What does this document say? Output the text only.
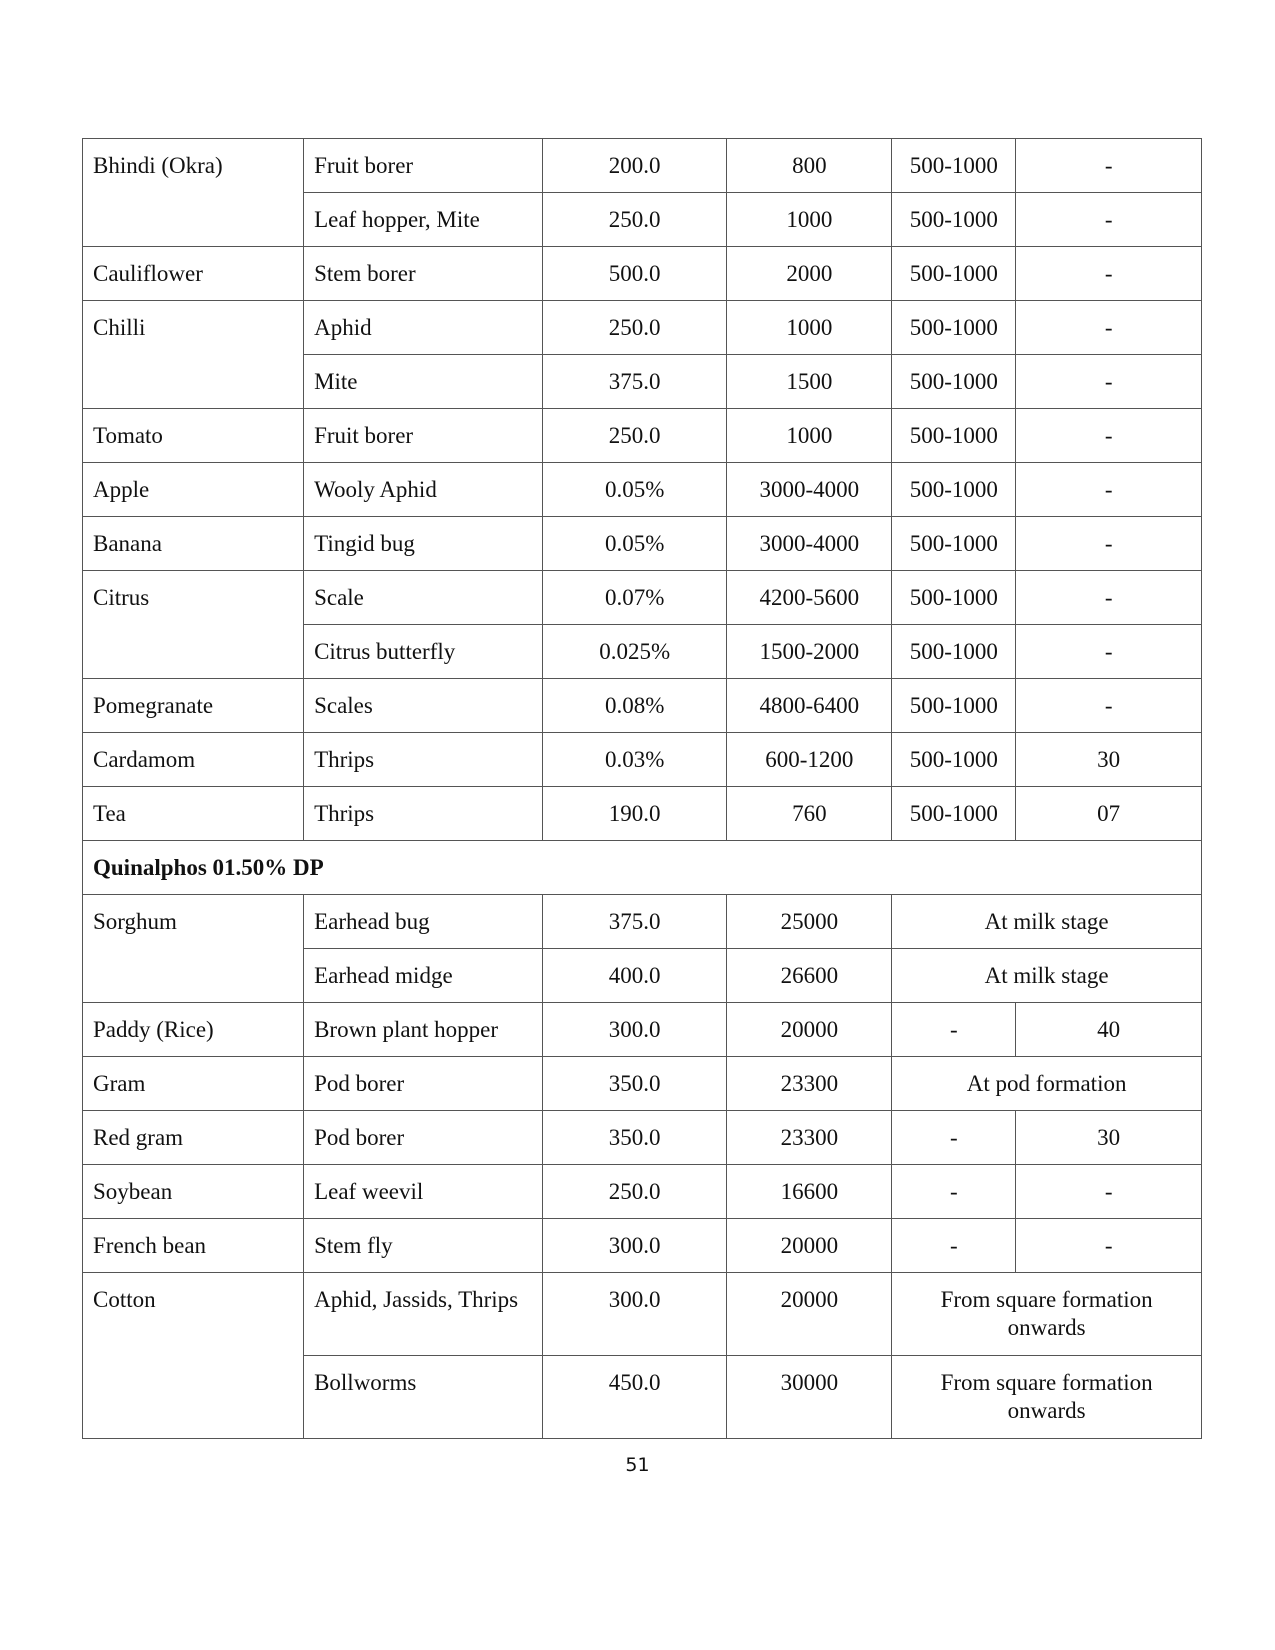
Bhindi (Okra)	Fruit borer	200.0	800	500-1000	-

	Leaf hopper, Mite	250.0	1000	500-1000	-

Cauliflower	Stem borer	500.0	2000	500-1000	-

Chilli	Aphid	250.0	1000	500-1000	-

	Mite	375.0	1500	500-1000	-

Tomato	Fruit borer	250.0	1000	500-1000	-

Apple	Wooly Aphid	0.05%	3000-4000	500-1000	-

Banana	Tingid bug	0.05%	3000-4000	500-1000	-

Citrus	Scale	0.07%	4200-5600	500-1000	-

	Citrus butterfly	0.025%	1500-2000	500-1000	-

Pomegranate	Scales	0.08%	4800-6400	500-1000	-

Cardamom	Thrips	0.03%	600-1200	500-1000	30

Tea	Thrips	190.0	760	500-1000	07

Quinalphos 01.50% DP					

Sorghum	Earhead bug	375.0	25000	At milk stage	

	Earhead midge	400.0	26600	At milk stage	

Paddy (Rice)	Brown plant hopper	300.0	20000	-	40

Gram	Pod borer	350.0	23300	At pod formation	

Red gram	Pod borer	350.0	23300	-	30

Soybean	Leaf weevil	250.0	16600	-	-

French bean	Stem fly	300.0	20000	-	-

Cotton	Aphid, Jassids, Thrips	300.0	20000	From square formation onwards	

	Bollworms	450.0	30000	From square formation onwards	
51
